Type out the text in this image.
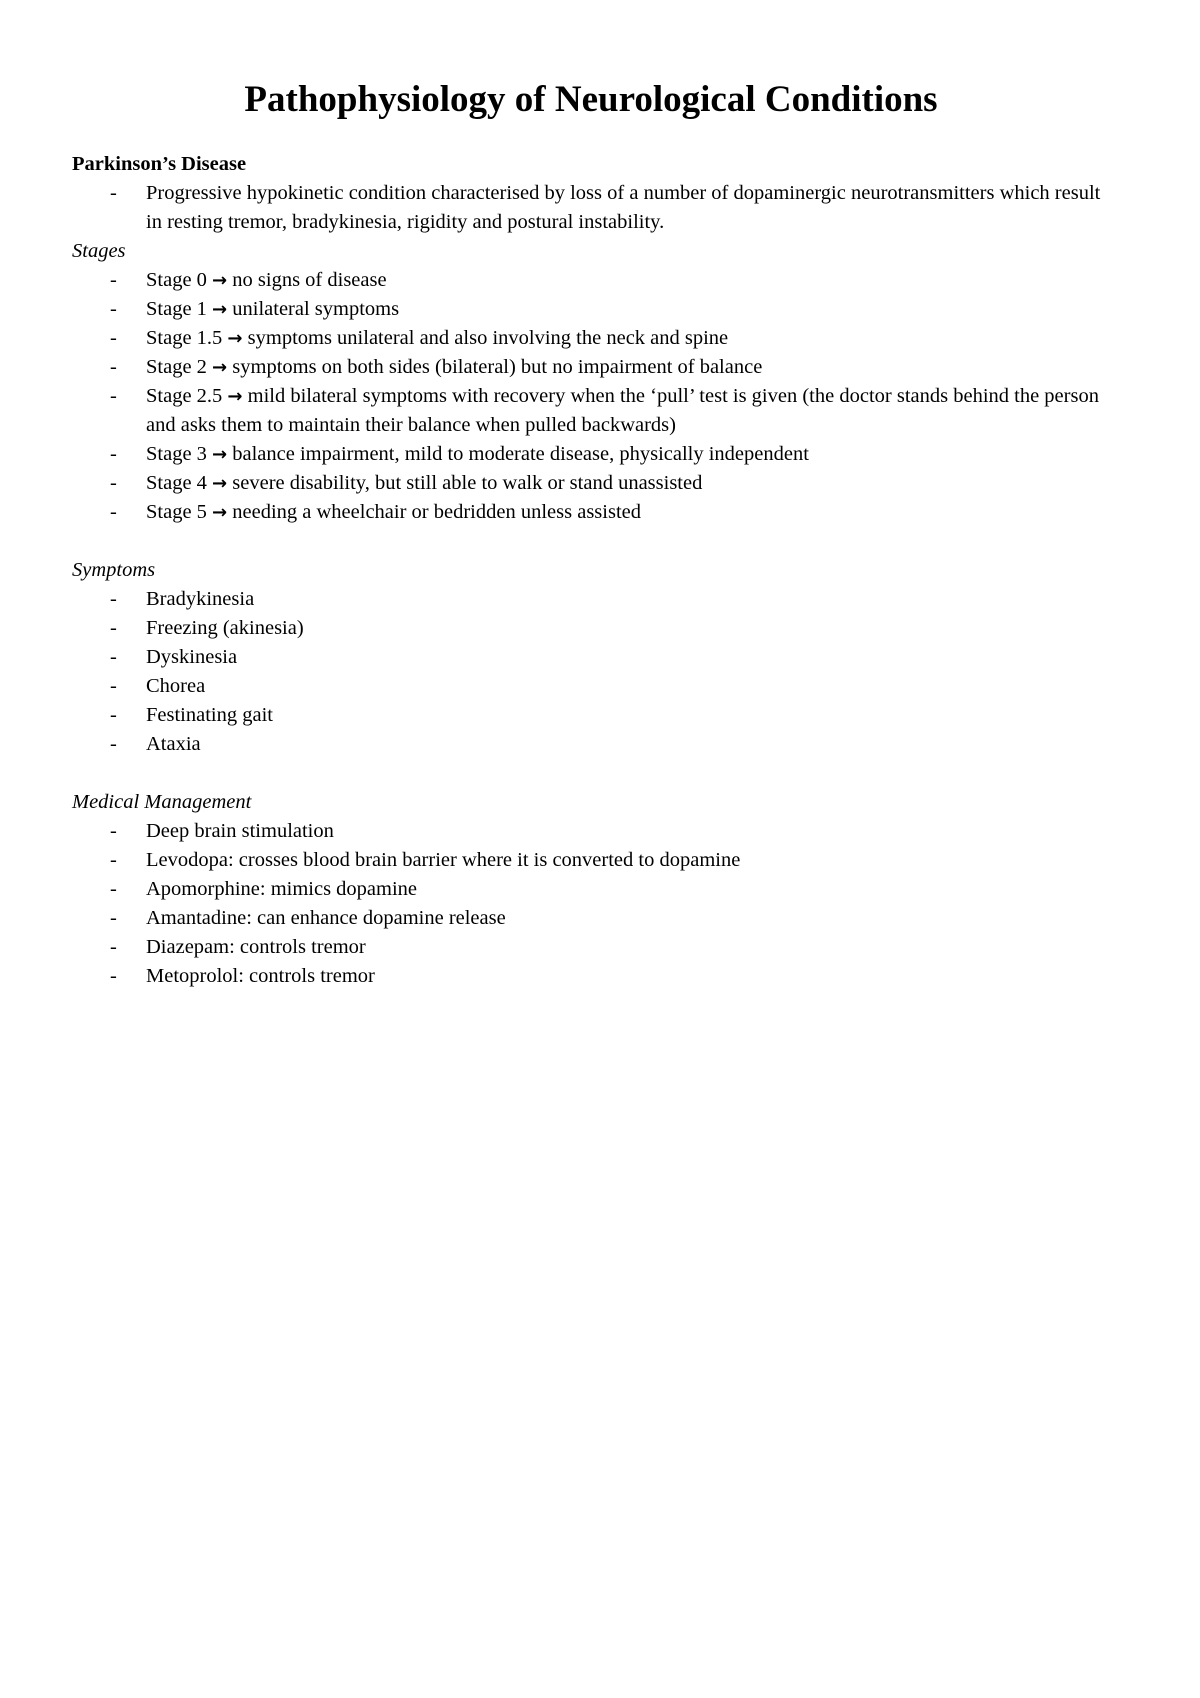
Pathophysiology of Neurological Conditions

Parkinson’s Disease

- Progressive hypokinetic condition characterised by loss of a number of dopaminergic neurotransmitters which result in resting tremor, bradykinesia, rigidity and postural instability.

Stages

- Stage 0 → no signs of disease
- Stage 1 → unilateral symptoms
- Stage 1.5 → symptoms unilateral and also involving the neck and spine
- Stage 2 → symptoms on both sides (bilateral) but no impairment of balance
- Stage 2.5 → mild bilateral symptoms with recovery when the ‘pull’ test is given (the doctor stands behind the person and asks them to maintain their balance when pulled backwards)
- Stage 3 → balance impairment, mild to moderate disease, physically independent
- Stage 4 → severe disability, but still able to walk or stand unassisted
- Stage 5 → needing a wheelchair or bedridden unless assisted

Symptoms

- Bradykinesia
- Freezing (akinesia)
- Dyskinesia
- Chorea
- Festinating gait
- Ataxia

Medical Management

- Deep brain stimulation
- Levodopa: crosses blood brain barrier where it is converted to dopamine
- Apomorphine: mimics dopamine
- Amantadine: can enhance dopamine release
- Diazepam: controls tremor
- Metoprolol: controls tremor
